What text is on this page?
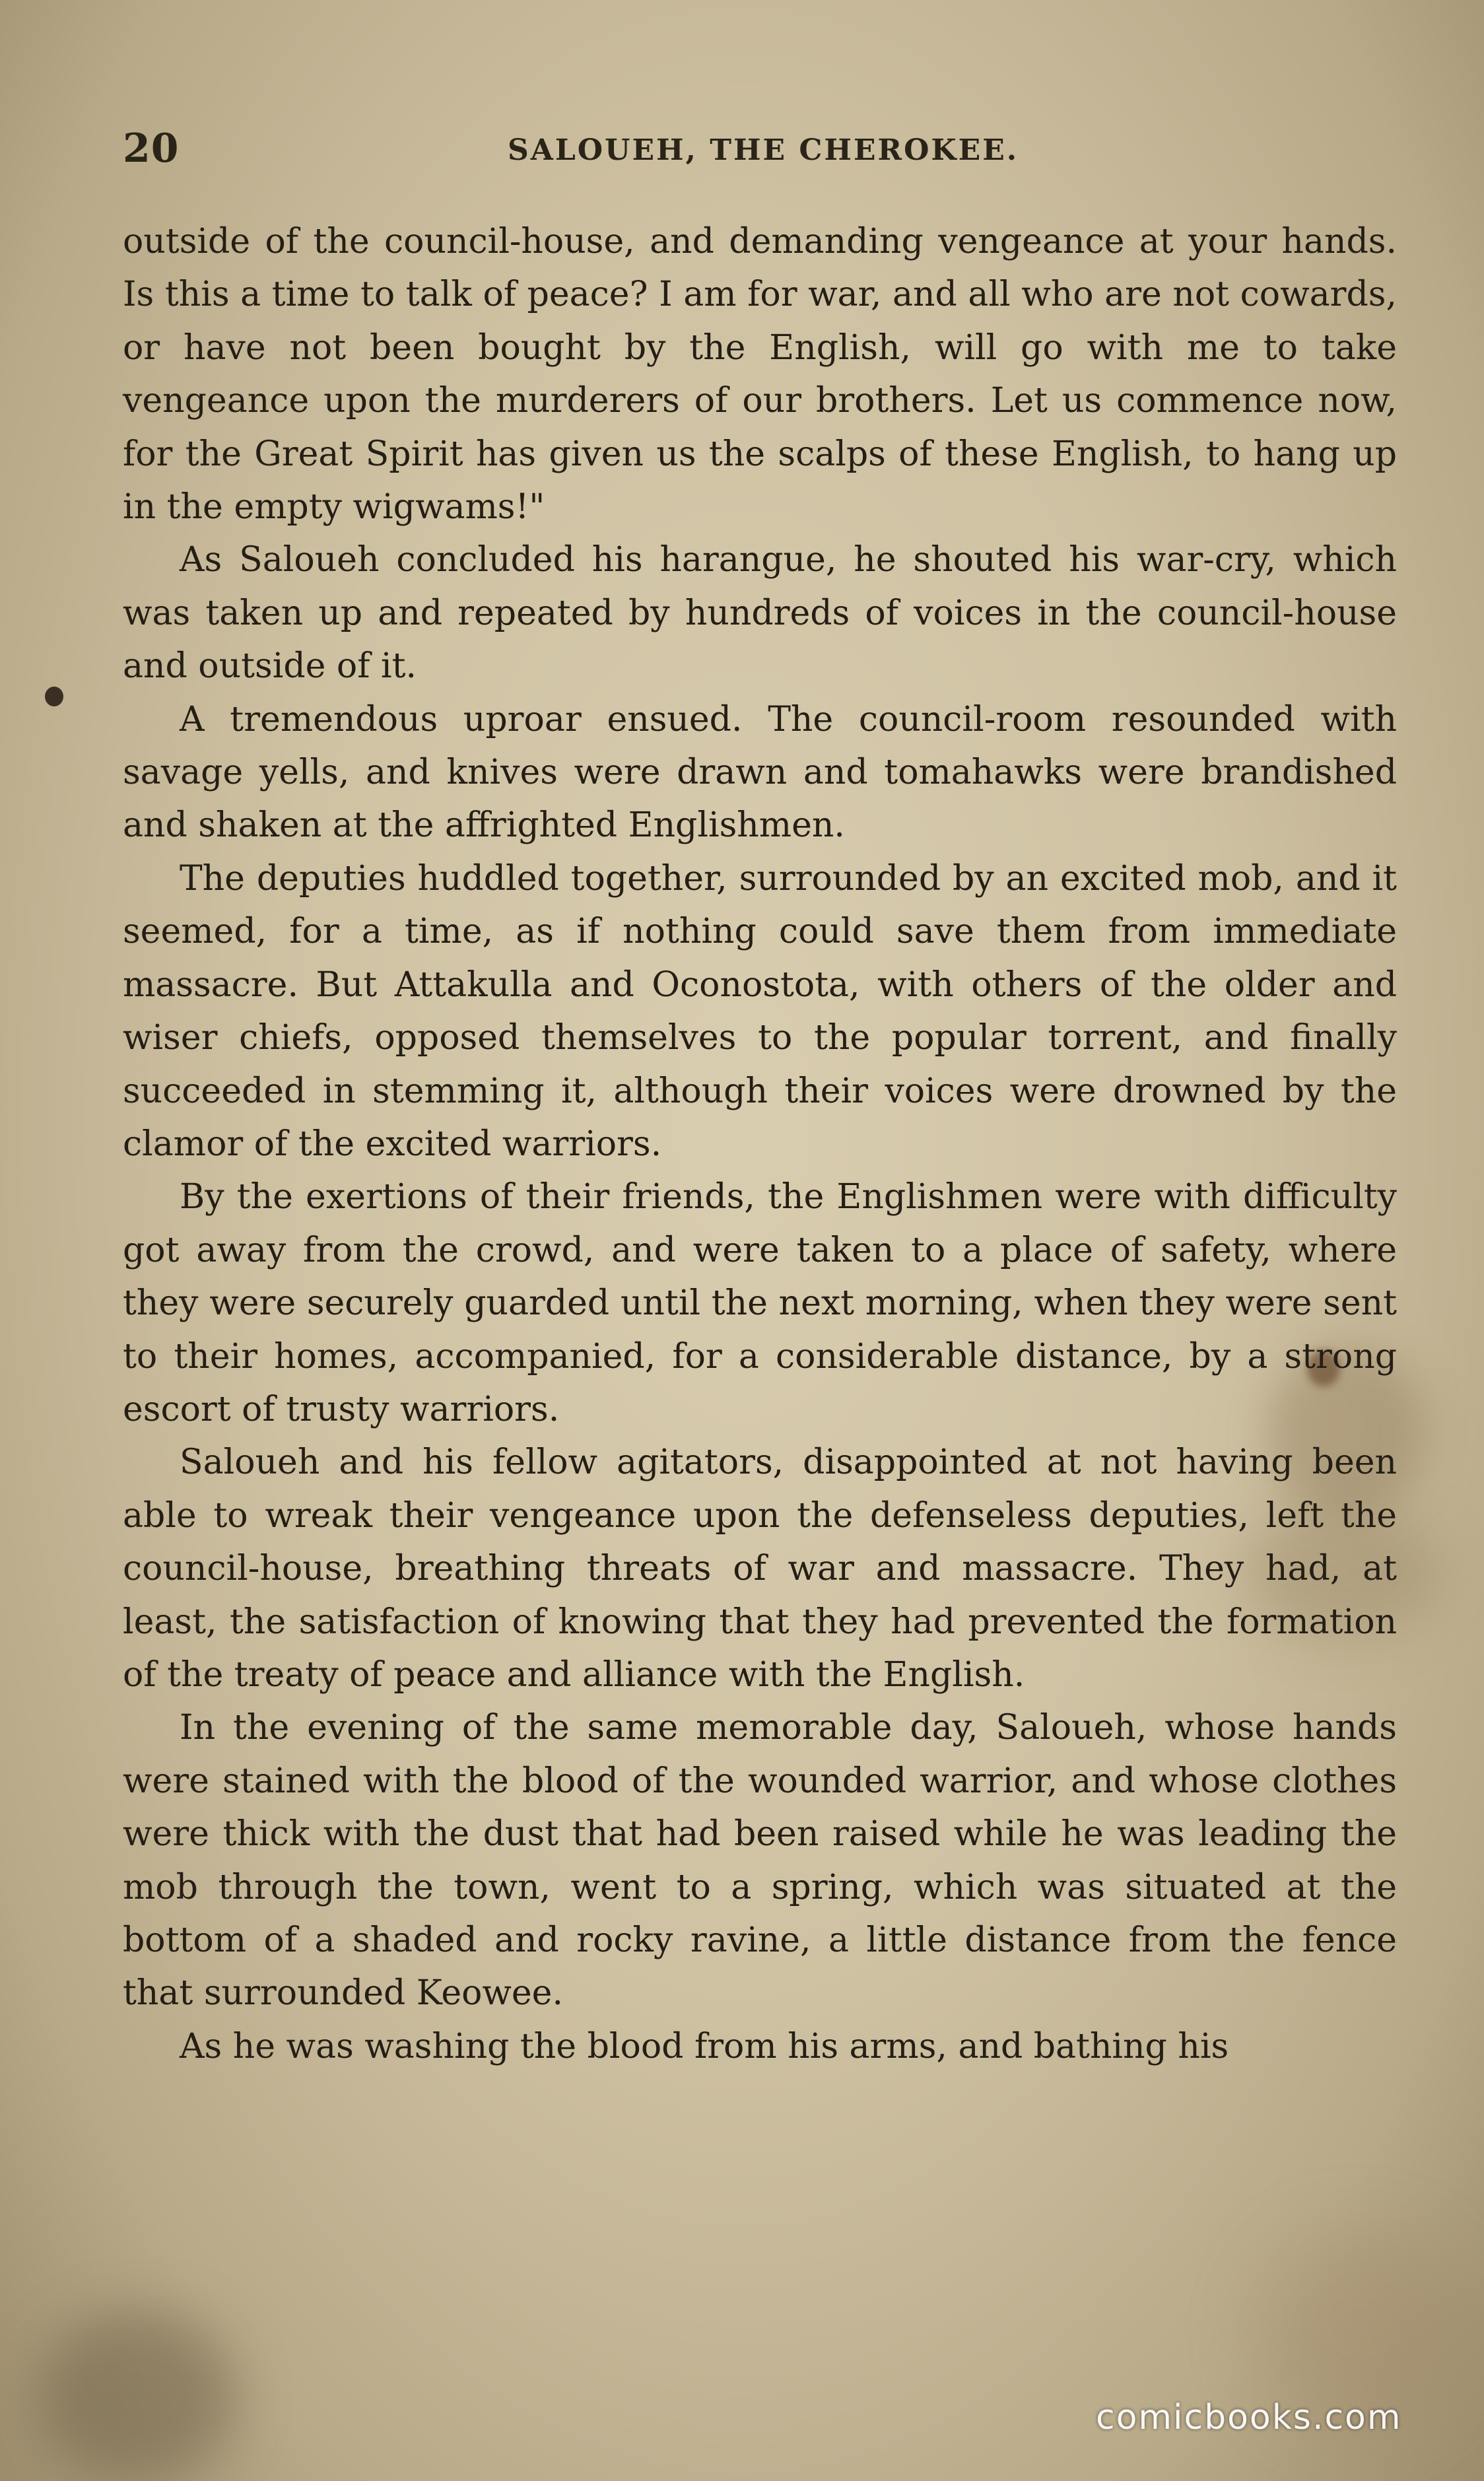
20	SALOUEH, THE CHEROKEE.

outside of the council-house, and demanding vengeance at your hands. Is this a time to talk of peace? I am for war, and all who are not cowards, or have not been bought by the English, will go with me to take vengeance upon the murderers of our brothers. Let us commence now, for the Great Spirit has given us the scalps of these English, to hang up in the empty wigwams!"

As Saloueh concluded his harangue, he shouted his war-cry, which was taken up and repeated by hundreds of voices in the council-house and outside of it.

A tremendous uproar ensued. The council-room resounded with savage yells, and knives were drawn and tomahawks were brandished and shaken at the affrighted Englishmen.

The deputies huddled together, surrounded by an excited mob, and it seemed, for a time, as if nothing could save them from immediate massacre. But Attakulla and Oconostota, with others of the older and wiser chiefs, opposed themselves to the popular torrent, and finally succeeded in stemming it, although their voices were drowned by the clamor of the excited warriors.

By the exertions of their friends, the Englishmen were with difficulty got away from the crowd, and were taken to a place of safety, where they were securely guarded until the next morning, when they were sent to their homes, accompanied, for a considerable distance, by a strong escort of trusty warriors.

Saloueh and his fellow agitators, disappointed at not having been able to wreak their vengeance upon the defenseless deputies, left the council-house, breathing threats of war and massacre. They had, at least, the satisfaction of knowing that they had prevented the formation of the treaty of peace and alliance with the English.

In the evening of the same memorable day, Saloueh, whose hands were stained with the blood of the wounded warrior, and whose clothes were thick with the dust that had been raised while he was leading the mob through the town, went to a spring, which was situated at the bottom of a shaded and rocky ravine, a little distance from the fence that surrounded Keowee.

As he was washing the blood from his arms, and bathing his

comicbooks.com
